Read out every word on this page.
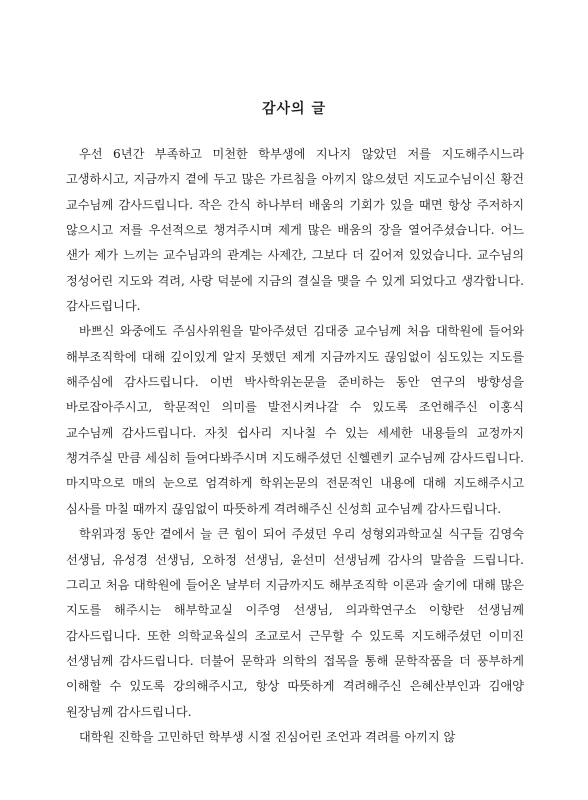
감사의 글

우선 6년간 부족하고 미천한 학부생에 지나지 않았던 저를 지도해주시느라 고생하시고, 지금까지 곁에 두고 많은 가르침을 아끼지 않으셨던 지도교수님이신 황건 교수님께 감사드립니다. 작은 간식 하나부터 배움의 기회가 있을 때면 항상 주저하지 않으시고 저를 우선적으로 챙겨주시며 제게 많은 배움의 장을 열어주셨습니다. 어느 샌가 제가 느끼는 교수님과의 관계는 사제간, 그보다 더 깊어져 있었습니다. 교수님의 정성어린 지도와 격려, 사랑 덕분에 지금의 결실을 맺을 수 있게 되었다고 생각합니다. 감사드립니다.

바쁘신 와중에도 주심사위원을 맡아주셨던 김대중 교수님께 처음 대학원에 들어와 해부조직학에 대해 깊이있게 알지 못했던 제게 지금까지도 끊임없이 심도있는 지도를 해주심에 감사드립니다. 이번 박사학위논문을 준비하는 동안 연구의 방향성을 바로잡아주시고, 학문적인 의미를 발전시켜나갈 수 있도록 조언해주신 이홍식 교수님께 감사드립니다. 자칫 쉽사리 지나칠 수 있는 세세한 내용들의 교정까지 챙겨주실 만큼 세심히 들여다봐주시며 지도해주셨던 신헬렌키 교수님께 감사드립니다. 마지막으로 매의 눈으로 엄격하게 학위논문의 전문적인 내용에 대해 지도해주시고 심사를 마칠 때까지 끊임없이 따뜻하게 격려해주신 신성희 교수님께 감사드립니다.

학위과정 동안 곁에서 늘 큰 힘이 되어 주셨던 우리 성형외과학교실 식구들 김영숙 선생님, 유성경 선생님, 오하정 선생님, 윤선미 선생님께 감사의 말씀을 드립니다. 그리고 처음 대학원에 들어온 날부터 지금까지도 해부조직학 이론과 술기에 대해 많은 지도를 해주시는 해부학교실 이주영 선생님, 의과학연구소 이향란 선생님께 감사드립니다. 또한 의학교육실의 조교로서 근무할 수 있도록 지도해주셨던 이미진 선생님께 감사드립니다. 더불어 문학과 의학의 접목을 통해 문학작품을 더 풍부하게 이해할 수 있도록 강의해주시고, 항상 따뜻하게 격려해주신 은혜산부인과 김애양 원장님께 감사드립니다.

대학원 진학을 고민하던 학부생 시절 진심어린 조언과 격려를 아끼지 않
